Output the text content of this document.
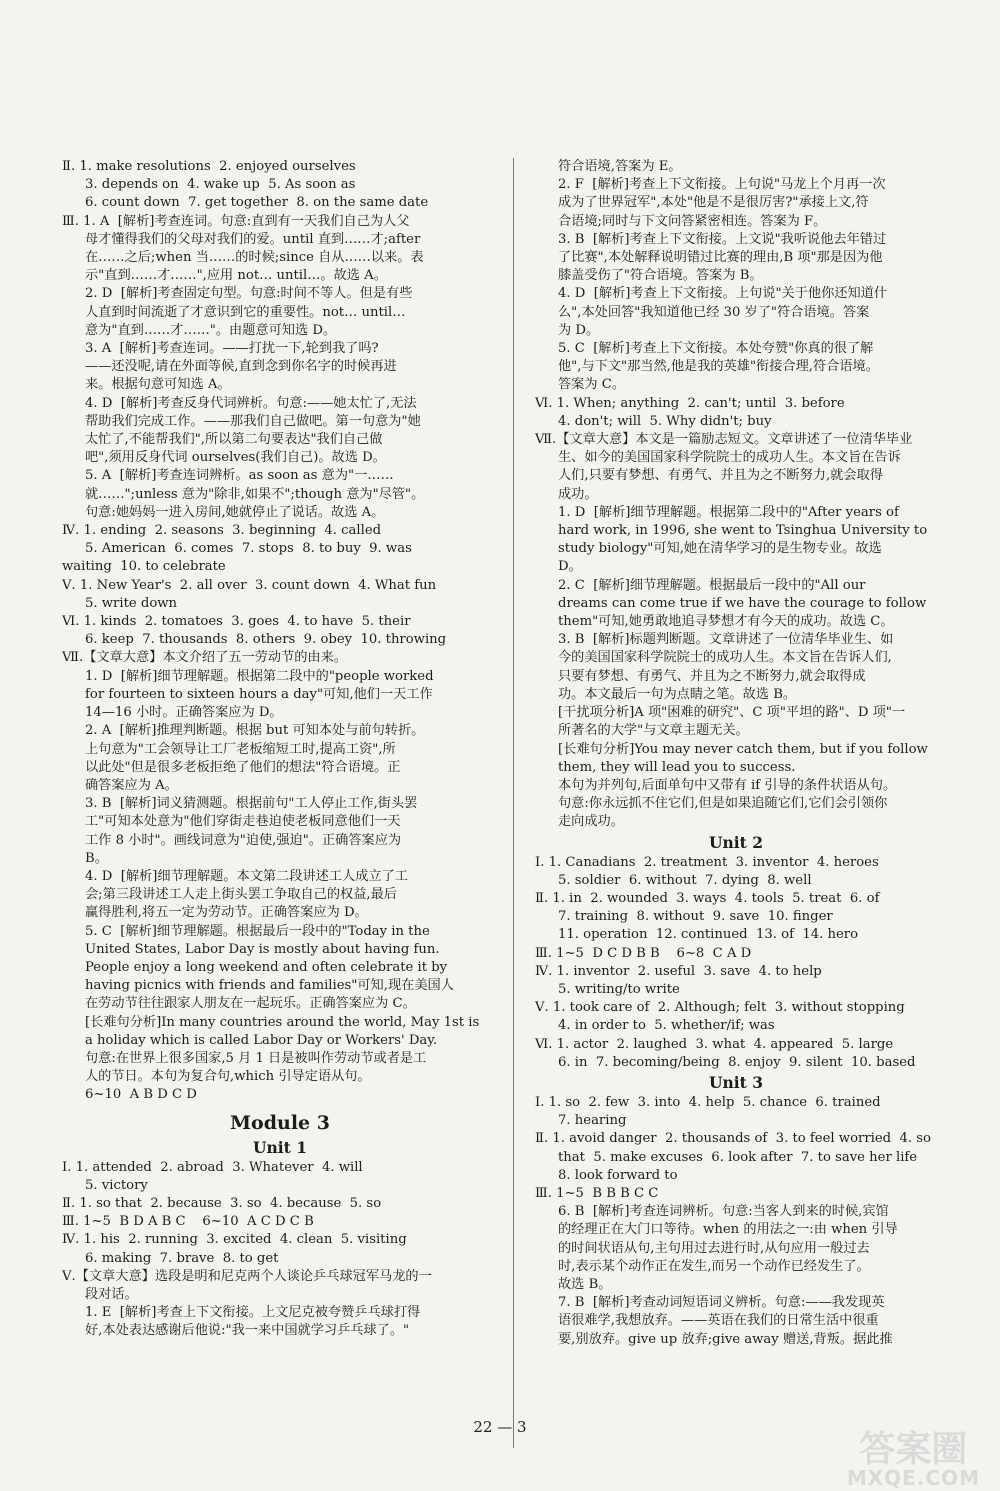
Ⅱ. 1. make resolutions  2. enjoyed ourselves
3. depends on  4. wake up  5. As soon as
6. count down  7. get together  8. on the same date
Ⅲ. 1. A  [解析]考查连词。句意:直到有一天我们自己为人父
母才懂得我们的父母对我们的爱。until 直到……才;after
在……之后;when 当……的时候;since 自从……以来。表
示"直到……才……",应用 not… until…。故选 A。
2. D  [解析]考查固定句型。句意:时间不等人。但是有些
人直到时间流逝了才意识到它的重要性。not… until…
意为"直到……才……"。由题意可知选 D。
3. A  [解析]考查连词。——打扰一下,轮到我了吗?
——还没呢,请在外面等候,直到念到你名字的时候再进
来。根据句意可知选 A。
4. D  [解析]考查反身代词辨析。句意:——她太忙了,无法
帮助我们完成工作。——那我们自己做吧。第一句意为"她
太忙了,不能帮我们",所以第二句要表达"我们自己做
吧",须用反身代词 ourselves(我们自己)。故选 D。
5. A  [解析]考查连词辨析。as soon as 意为"一……
就……";unless 意为"除非,如果不";though 意为"尽管"。
句意:她妈妈一进入房间,她就停止了说话。故选 A。
Ⅳ. 1. ending  2. seasons  3. beginning  4. called
5. American  6. comes  7. stops  8. to buy  9. was
waiting  10. to celebrate
Ⅴ. 1. New Year's  2. all over  3. count down  4. What fun
5. write down
Ⅵ. 1. kinds  2. tomatoes  3. goes  4. to have  5. their
6. keep  7. thousands  8. others  9. obey  10. throwing
Ⅶ.【文章大意】本文介绍了五一劳动节的由来。
1. D  [解析]细节理解题。根据第二段中的"people worked
for fourteen to sixteen hours a day"可知,他们一天工作
14—16 小时。正确答案应为 D。
2. A  [解析]推理判断题。根据 but 可知本处与前句转折。
上句意为"工会领导让工厂老板缩短工时,提高工资",所
以此处"但是很多老板拒绝了他们的想法"符合语境。正
确答案应为 A。
3. B  [解析]词义猜测题。根据前句"工人停止工作,街头罢
工"可知本处意为"他们穿街走巷迫使老板同意他们一天
工作 8 小时"。画线词意为"迫使,强迫"。正确答案应为
B。
4. D  [解析]细节理解题。本文第二段讲述工人成立了工
会;第三段讲述工人走上街头罢工争取自己的权益,最后
赢得胜利,将五一定为劳动节。正确答案应为 D。
5. C  [解析]细节理解题。根据最后一段中的"Today in the
United States, Labor Day is mostly about having fun.
People enjoy a long weekend and often celebrate it by
having picnics with friends and families"可知,现在美国人
在劳动节往往跟家人朋友在一起玩乐。正确答案应为 C。
[长难句分析]In many countries around the world, May 1st is
a holiday which is called Labor Day or Workers' Day.
句意:在世界上很多国家,5 月 1 日是被叫作劳动节或者是工
人的节日。本句为复合句,which 引导定语从句。
6~10  A B D C D
Module 3
Unit 1
Ⅰ. 1. attended  2. abroad  3. Whatever  4. will
5. victory
Ⅱ. 1. so that  2. because  3. so  4. because  5. so
Ⅲ. 1~5  B D A B C    6~10  A C D C B
Ⅳ. 1. his  2. running  3. excited  4. clean  5. visiting
6. making  7. brave  8. to get
Ⅴ.【文章大意】选段是明和尼克两个人谈论乒乓球冠军马龙的一
段对话。
1. E  [解析]考查上下文衔接。上文尼克被夸赞乒乓球打得
好,本处表达感谢后他说:"我一来中国就学习乒乓球了。"
符合语境,答案为 E。
2. F  [解析]考查上下文衔接。上句说"马龙上个月再一次
成为了世界冠军",本处"他是不是很厉害?"承接上文,符
合语境;同时与下文问答紧密相连。答案为 F。
3. B  [解析]考查上下文衔接。上文说"我听说他去年错过
了比赛",本处解释说明错过比赛的理由,B 项"那是因为他
膝盖受伤了"符合语境。答案为 B。
4. D  [解析]考查上下文衔接。上句说"关于他你还知道什
么",本处回答"我知道他已经 30 岁了"符合语境。答案
为 D。
5. C  [解析]考查上下文衔接。本处夸赞"你真的很了解
他",与下文"那当然,他是我的英雄"衔接合理,符合语境。
答案为 C。
Ⅵ. 1. When; anything  2. can't; until  3. before
4. don't; will  5. Why didn't; buy
Ⅶ.【文章大意】本文是一篇励志短文。文章讲述了一位清华毕业
生、如今的美国国家科学院院士的成功人生。本文旨在告诉
人们,只要有梦想、有勇气、并且为之不断努力,就会取得
成功。
1. D  [解析]细节理解题。根据第二段中的"After years of
hard work, in 1996, she went to Tsinghua University to
study biology"可知,她在清华学习的是生物专业。故选
D。
2. C  [解析]细节理解题。根据最后一段中的"All our
dreams can come true if we have the courage to follow
them"可知,她勇敢地追寻梦想才有今天的成功。故选 C。
3. B  [解析]标题判断题。文章讲述了一位清华毕业生、如
今的美国国家科学院院士的成功人生。本文旨在告诉人们,
只要有梦想、有勇气、并且为之不断努力,就会取得成
功。本文最后一句为点睛之笔。故选 B。
[干扰项分析]A 项"困难的研究"、C 项"平坦的路"、D 项"一
所著名的大学"与文章主题无关。
[长难句分析]You may never catch them, but if you follow
them, they will lead you to success.
本句为并列句,后面单句中又带有 if 引导的条件状语从句。
句意:你永远抓不住它们,但是如果追随它们,它们会引领你
走向成功。
Unit 2
Ⅰ. 1. Canadians  2. treatment  3. inventor  4. heroes
5. soldier  6. without  7. dying  8. well
Ⅱ. 1. in  2. wounded  3. ways  4. tools  5. treat  6. of
7. training  8. without  9. save  10. finger
11. operation  12. continued  13. of  14. hero
Ⅲ. 1~5  D C D B B    6~8  C A D
Ⅳ. 1. inventor  2. useful  3. save  4. to help
5. writing/to write
Ⅴ. 1. took care of  2. Although; felt  3. without stopping
4. in order to  5. whether/if; was
Ⅵ. 1. actor  2. laughed  3. what  4. appeared  5. large
6. in  7. becoming/being  8. enjoy  9. silent  10. based
Unit 3
Ⅰ. 1. so  2. few  3. into  4. help  5. chance  6. trained
7. hearing
Ⅱ. 1. avoid danger  2. thousands of  3. to feel worried  4. so
that  5. make excuses  6. look after  7. to save her life
8. look forward to
Ⅲ. 1~5  B B B C C
6. B  [解析]考查连词辨析。句意:当客人到来的时候,宾馆
的经理正在大门口等待。when 的用法之一:由 when 引导
的时间状语从句,主句用过去进行时,从句应用一般过去
时,表示某个动作正在发生,而另一个动作已经发生了。
故选 B。
7. B  [解析]考查动词短语词义辨析。句意:——我发现英
语很难学,我想放弃。——英语在我们的日常生活中很重
要,别放弃。give up 放弃;give away 赠送,背叛。据此推
22 — 3
答案圈
MXQE.COM
